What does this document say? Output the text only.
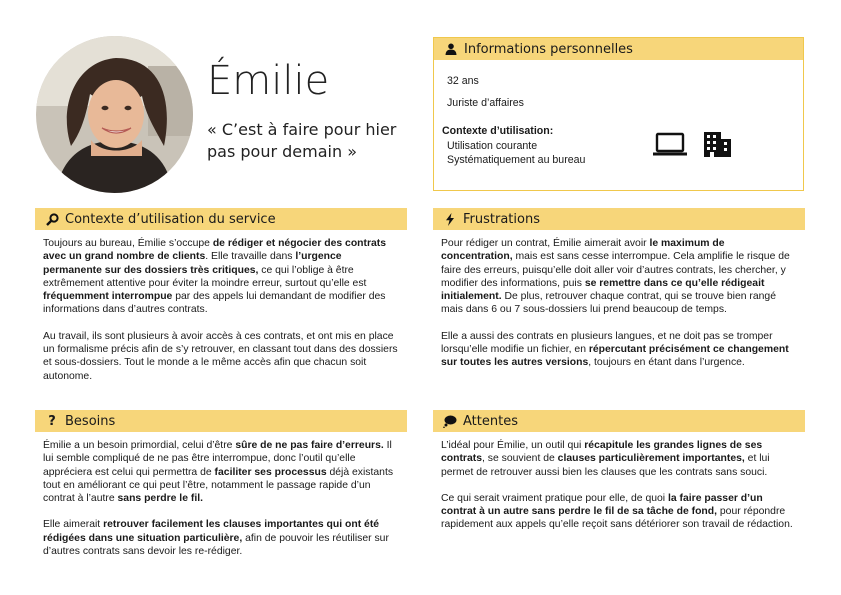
Émilie
« C’est à faire pour hier pas pour demain »
Informations personnelles
32 ans
Juriste d’affaires
Contexte d’utilisation:
Utilisation courante
Systématiquement au bureau
Contexte d’utilisation du service

Toujours au bureau, Émilie s’occupe de rédiger et négocier des contrats avec un grand nombre de clients. Elle travaille dans l’urgence permanente sur des dossiers très critiques, ce qui l’oblige à être extrêmement attentive pour éviter la moindre erreur, surtout qu’elle est fréquemment interrompue par des appels lui demandant de modifier des informations dans d’autres contrats.

Au travail, ils sont plusieurs à avoir accès à ces contrats, et ont mis en place un formalisme précis afin de s’y retrouver, en classant tout dans des dossiers et sous-dossiers. Tout le monde a le même accès afin que chacun soit autonome.

Frustrations

Pour rédiger un contrat, Émilie aimerait avoir le maximum de concentration, mais est sans cesse interrompue. Cela amplifie le risque de faire des erreurs, puisqu’elle doit aller voir d’autres contrats, les chercher, y modifier des informations, puis se remettre dans ce qu’elle rédigeait initialement. De plus, retrouver chaque contrat, qui se trouve bien rangé mais dans 6 ou 7 sous-dossiers lui prend beaucoup de temps.

Elle a aussi des contrats en plusieurs langues, et ne doit pas se tromper lorsqu’elle modifie un fichier, en répercutant précisément ce changement sur toutes les autres versions, toujours en étant dans l’urgence.

? Besoins

Émilie a un besoin primordial, celui d’être sûre de ne pas faire d’erreurs. Il lui semble compliqué de ne pas être interrompue, donc l’outil qu’elle appréciera est celui qui permettra de faciliter ses processus déjà existants tout en améliorant ce qui peut l’être, notamment le passage rapide d’un contrat à l’autre sans perdre le fil.

Elle aimerait retrouver facilement les clauses importantes qui ont été rédigées dans une situation particulière, afin de pouvoir les réutiliser sur d’autres contrats sans devoir les re-rédiger.

Attentes

L’idéal pour Émilie, un outil qui récapitule les grandes lignes de ses contrats, se souvient de clauses particulièrement importantes, et lui permet de retrouver aussi bien les clauses que les contrats sans souci.

Ce qui serait vraiment pratique pour elle, de quoi la faire passer d’un contrat à un autre sans perdre le fil de sa tâche de fond, pour répondre rapidement aux appels qu’elle reçoit sans détériorer son travail de rédaction.
